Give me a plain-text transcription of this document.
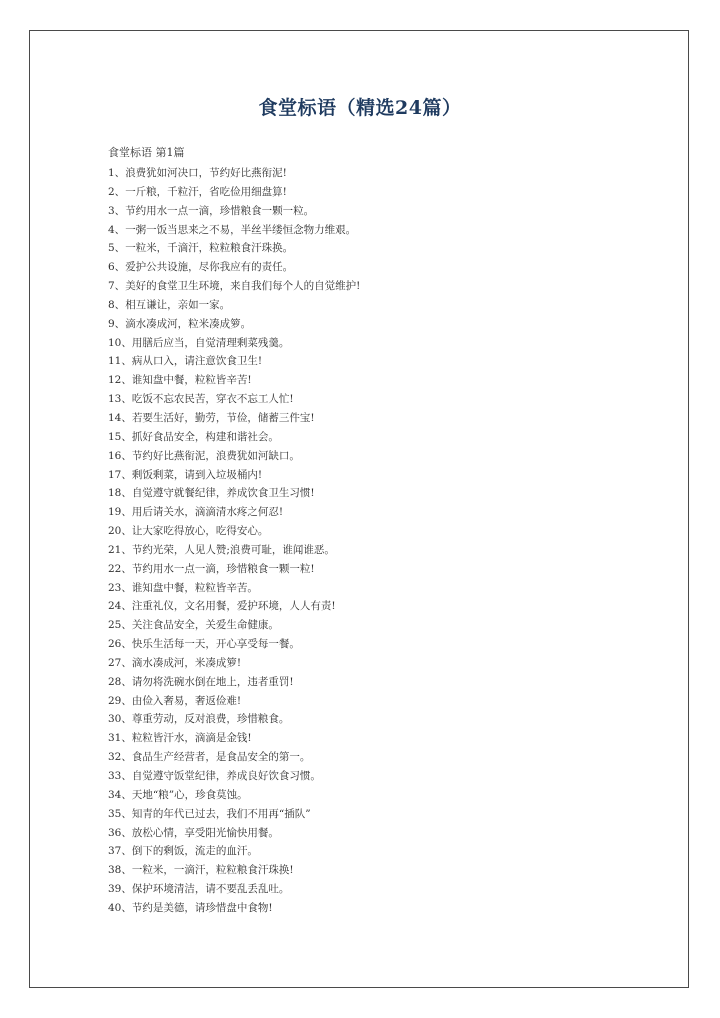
食堂标语（精选24篇）
食堂标语 第1篇
1、浪费犹如河决口，节约好比燕衔泥!
2、一斤粮，千粒汗，省吃俭用细盘算!
3、节约用水一点一滴，珍惜粮食一颗一粒。
4、一粥一饭当思来之不易，半丝半缕恒念物力维艰。
5、一粒米，千滴汗，粒粒粮食汗珠换。
6、爱护公共设施，尽你我应有的责任。
7、美好的食堂卫生环境，来自我们每个人的自觉维护!
8、相互谦让，亲如一家。
9、滴水凑成河，粒米凑成箩。
10、用膳后应当，自觉清理剩菜残羹。
11、病从口入，请注意饮食卫生!
12、谁知盘中餐，粒粒皆辛苦!
13、吃饭不忘农民苦，穿衣不忘工人忙!
14、若要生活好，勤劳，节俭，储蓄三件宝!
15、抓好食品安全，构建和谐社会。
16、节约好比燕衔泥，浪费犹如河缺口。
17、剩饭剩菜，请到入垃圾桶内!
18、自觉遵守就餐纪律，养成饮食卫生习惯!
19、用后请关水，滴滴清水疼之何忍!
20、让大家吃得放心，吃得安心。
21、节约光荣，人见人赞;浪费可耻，谁闻谁恶。
22、节约用水一点一滴，珍惜粮食一颗一粒!
23、谁知盘中餐，粒粒皆辛苦。
24、注重礼仪，文名用餐，爱护环境，人人有责!
25、关注食品安全，关爱生命健康。
26、快乐生活每一天，开心享受每一餐。
27、滴水凑成河，米凑成箩!
28、请勿将洗碗水倒在地上，违者重罚!
29、由俭入奢易，奢返俭难!
30、尊重劳动，反对浪费，珍惜粮食。
31、粒粒皆汗水，滴滴是金钱!
32、食品生产经营者，是食品安全的第一。
33、自觉遵守饭堂纪律，养成良好饮食习惯。
34、天地“粮”心，珍食莫蚀。
35、知青的年代已过去，我们不用再“插队”
36、放松心情，享受阳光愉快用餐。
37、倒下的剩饭，流走的血汗。
38、一粒米，一滴汗，粒粒粮食汗珠换!
39、保护环境清洁，请不要乱丢乱吐。
40、节约是美德，请珍惜盘中食物!
